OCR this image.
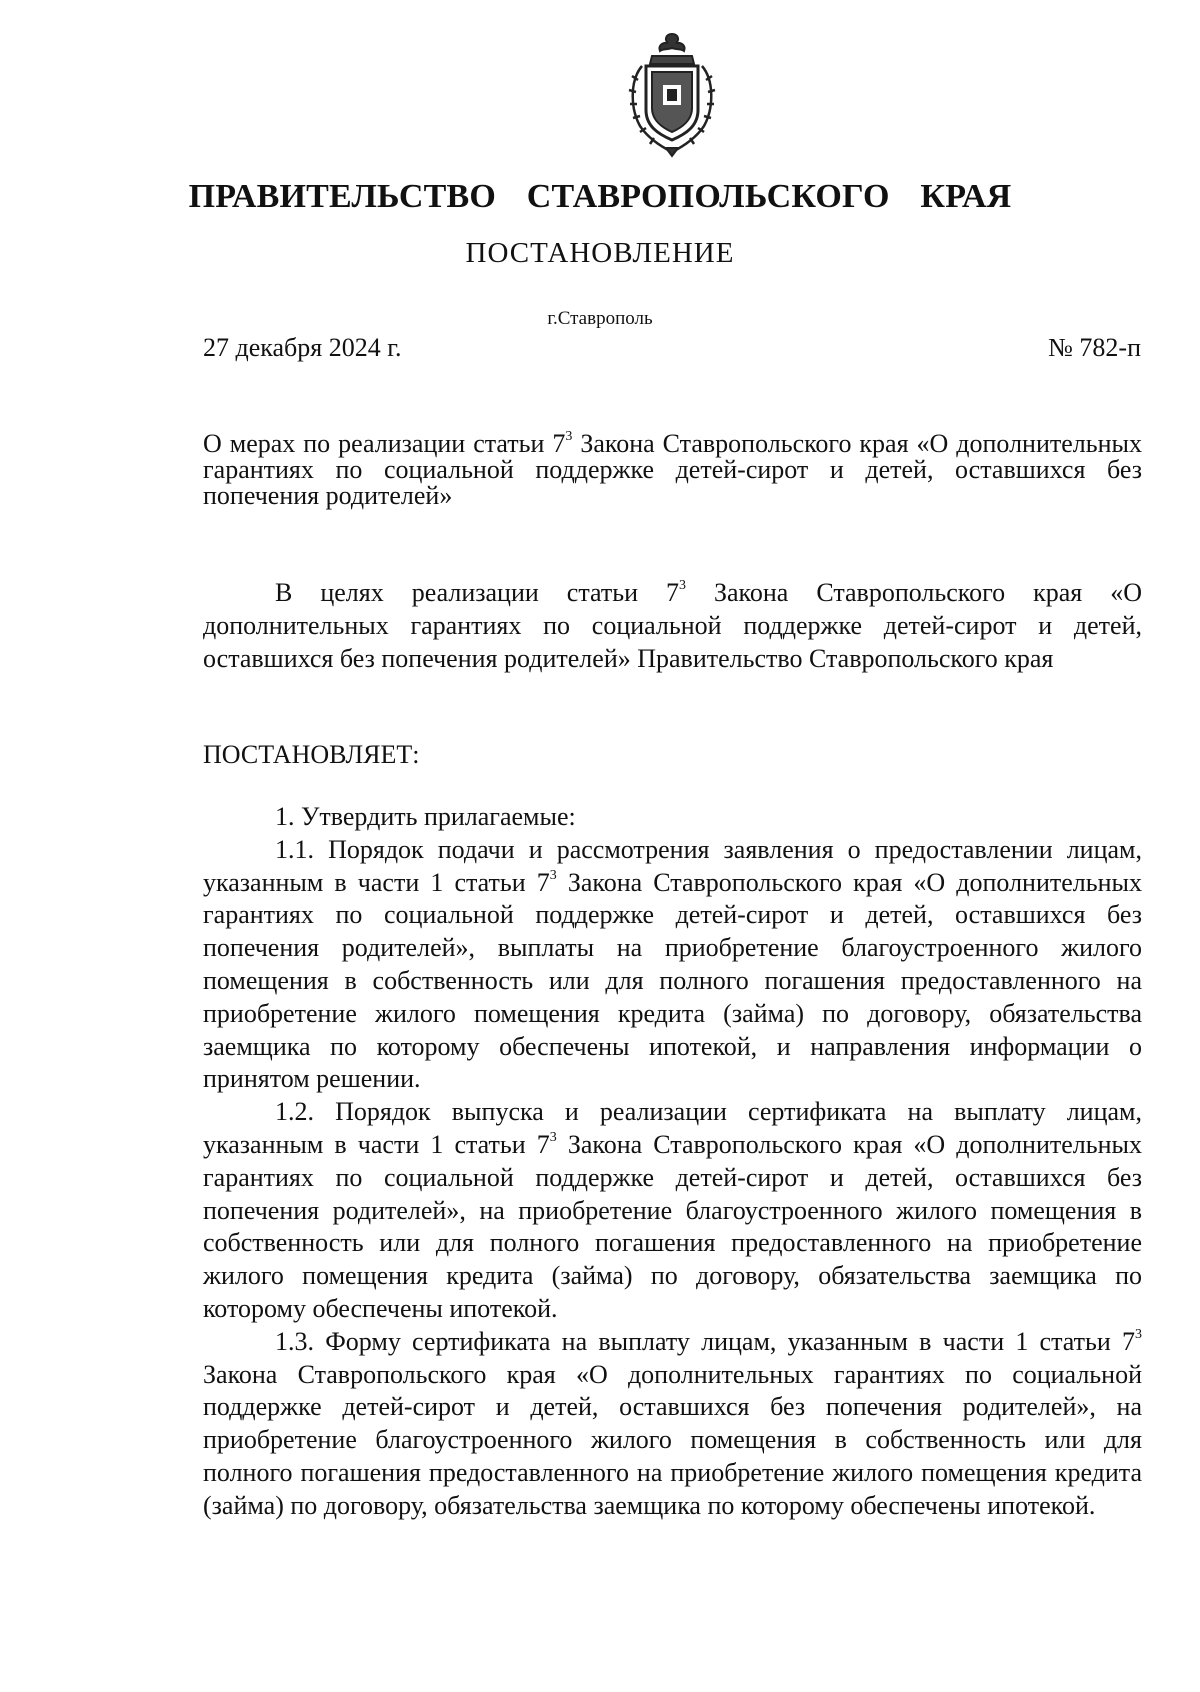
ПРАВИТЕЛЬСТВО СТАВРОПОЛЬСКОГО КРАЯ
ПОСТАНОВЛЕНИЕ
г.Ставрополь
27 декабря 2024 г.	№ 782-п
О мерах по реализации статьи $7^3$ Закона Ставропольского края «О дополнительных гарантиях по социальной поддержке детей-сирот и детей, оставшихся без попечения родителей»
В целях реализации статьи $7^3$ Закона Ставропольского края «О дополнительных гарантиях по социальной поддержке детей-сирот и детей, оставшихся без попечения родителей» Правительство Ставропольского края
ПОСТАНОВЛЯЕТ:
1. Утвердить прилагаемые:
1.1. Порядок подачи и рассмотрения заявления о предоставлении лицам, указанным в части 1 статьи $7^3$ Закона Ставропольского края «О дополнительных гарантиях по социальной поддержке детей-сирот и детей, оставшихся без попечения родителей», выплаты на приобретение благоустроенного жилого помещения в собственность или для полного погашения предоставленного на приобретение жилого помещения кредита (займа) по договору, обязательства заемщика по которому обеспечены ипотекой, и направления информации о принятом решении.
1.2. Порядок выпуска и реализации сертификата на выплату лицам, указанным в части 1 статьи $7^3$ Закона Ставропольского края «О дополнительных гарантиях по социальной поддержке детей-сирот и детей, оставшихся без попечения родителей», на приобретение благоустроенного жилого помещения в собственность или для полного погашения предоставленного на приобретение жилого помещения кредита (займа) по договору, обязательства заемщика по которому обеспечены ипотекой.
1.3. Форму сертификата на выплату лицам, указанным в части 1 статьи $7^3$ Закона Ставропольского края «О дополнительных гарантиях по социальной поддержке детей-сирот и детей, оставшихся без попечения родителей», на приобретение благоустроенного жилого помещения в собственность или для полного погашения предоставленного на приобретение жилого помещения кредита (займа) по договору, обязательства заемщика по которому обеспечены ипотекой.
